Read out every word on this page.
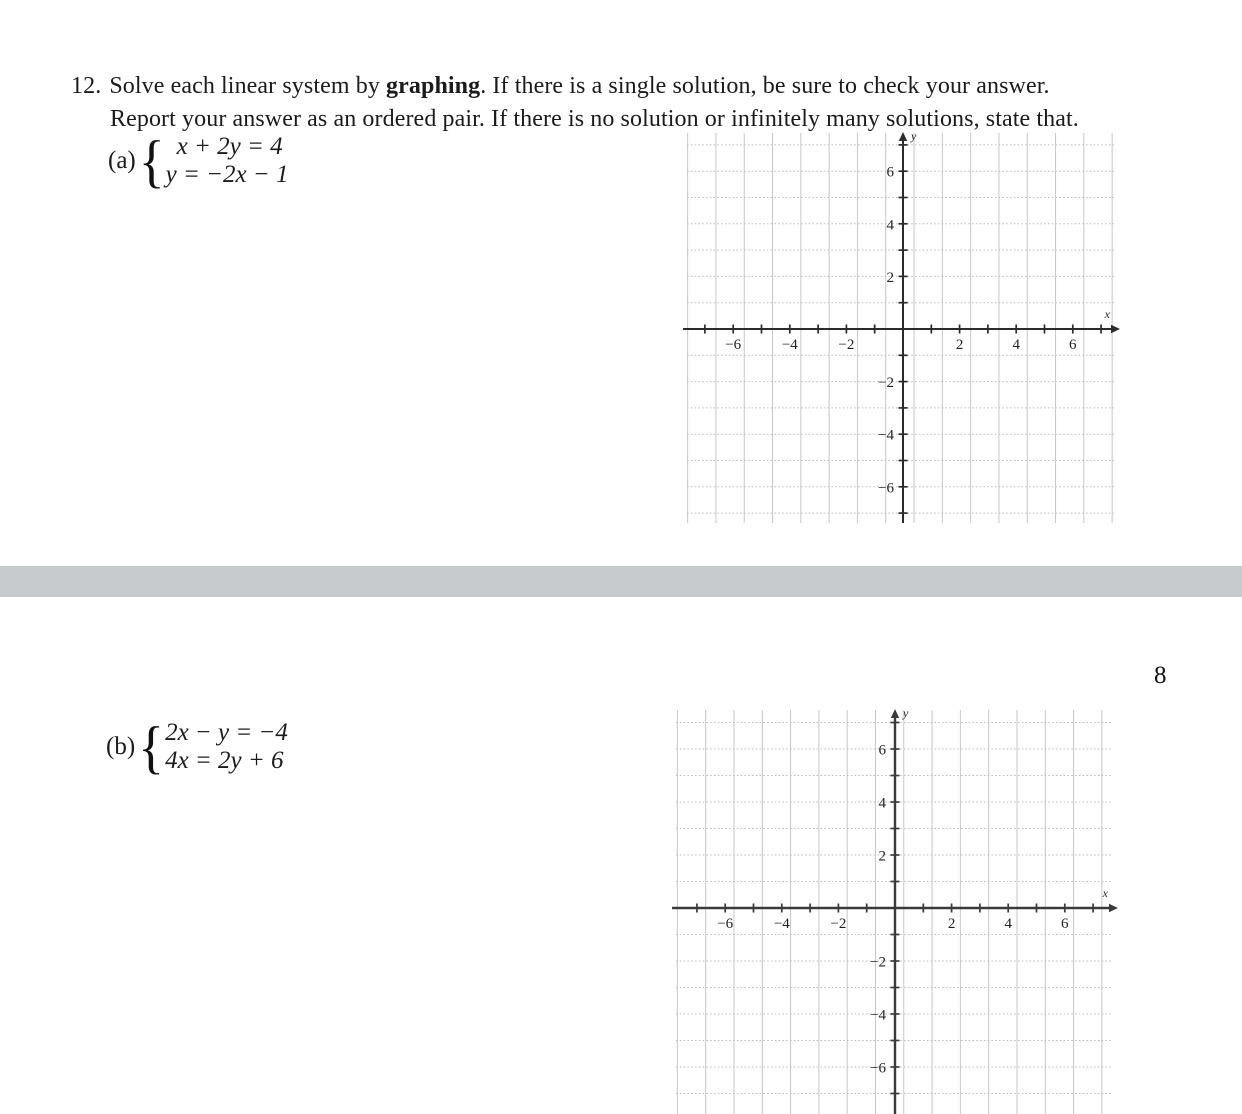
12. Solve each linear system by graphing. If there is a single solution, be sure to check your answer.

Report your answer as an ordered pair. If there is no solution or infinitely many solutions, state that.

(a) { x + 2y = 4
y = −2x − 1
8
(b) { 2x − y = −4
4x = 2y + 6
−6	−4	−2	2	4	6
6
4
2
−2
−4
−6
x
y
−6	−4	−2	2	4	6
6
4
2
−2
−4
−6
x
y
